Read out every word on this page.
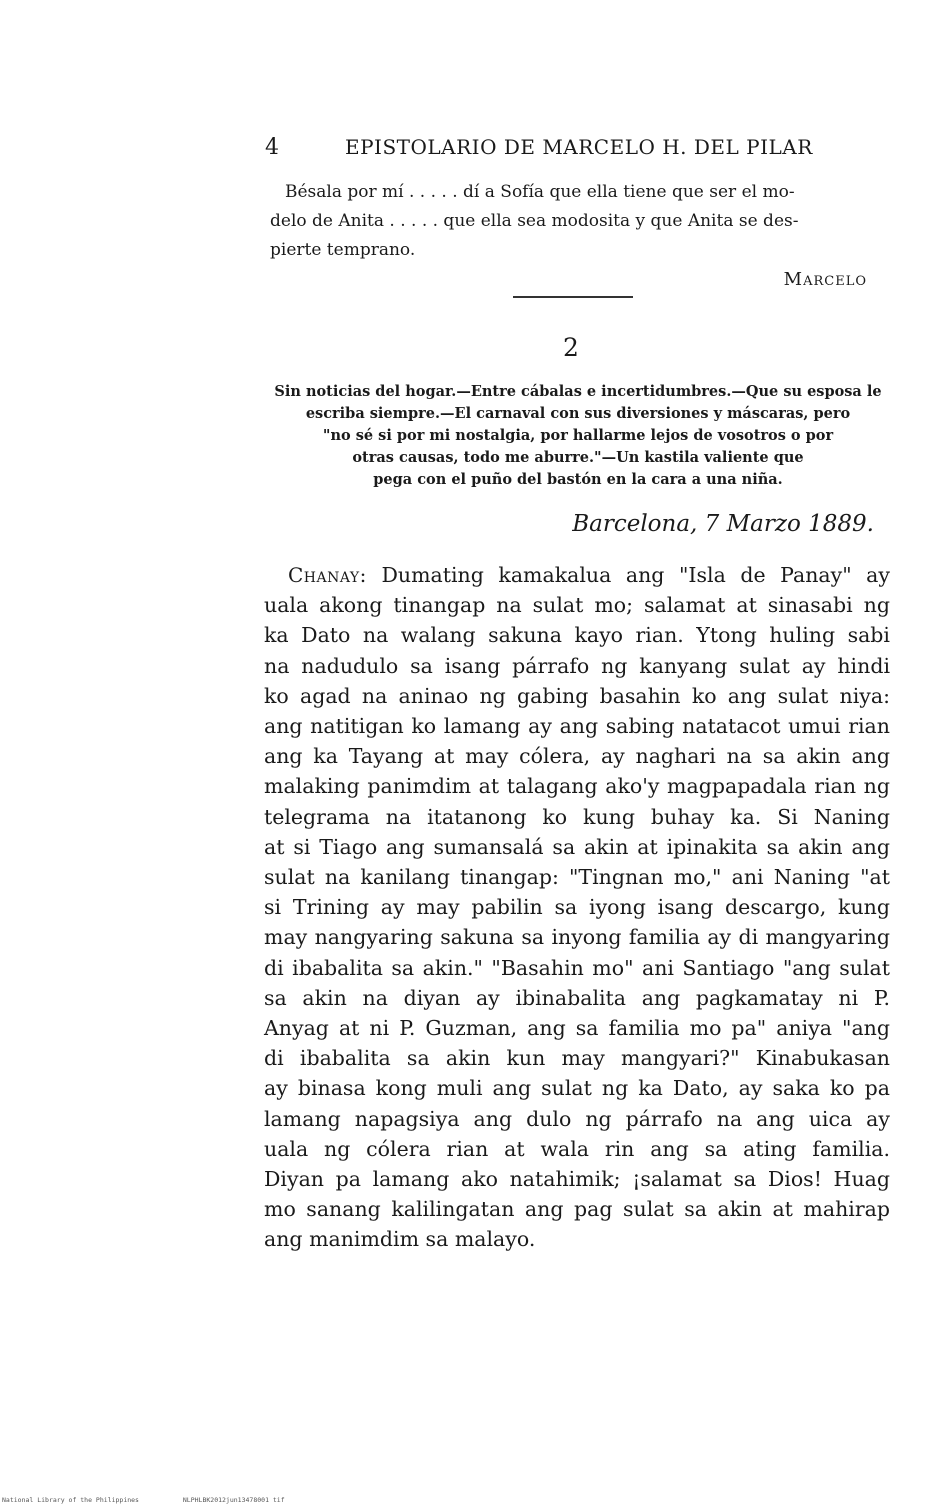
4	EPISTOLARIO DE MARCELO H. DEL PILAR
Bésala por mí . . . . . dí a Sofía que ella tiene que ser el mo-
delo de Anita . . . . . que ella sea modosita y que Anita se des-
pierte temprano.
Marcelo
2
Sin noticias del hogar.—Entre cábalas e incertidumbres.—Que su esposa le
escriba siempre.—El carnaval con sus diversiones y máscaras, pero
"no sé si por mi nostalgia, por hallarme lejos de vosotros o por
otras causas, todo me aburre."—Un kastila valiente que
pega con el puño del bastón en la cara a una niña.
Barcelona, 7 Marzo 1889.
Chanay: Dumating kamakalua ang "Isla de Panay" ay
uala akong tinangap na sulat mo; salamat at sinasabi ng
ka Dato na walang sakuna kayo rian. Ytong huling sabi
na nadudulo sa isang párrafo ng kanyang sulat ay hindi
ko agad na aninao ng gabing basahin ko ang sulat niya:
ang natitigan ko lamang ay ang sabing natatacot umui rian
ang ka Tayang at may cólera, ay naghari na sa akin ang
malaking panimdim at talagang ako'y magpapadala rian ng
telegrama na itatanong ko kung buhay ka. Si Naning
at si Tiago ang sumansalá sa akin at ipinakita sa akin ang
sulat na kanilang tinangap: "Tingnan mo," ani Naning "at
si Trining ay may pabilin sa iyong isang descargo, kung
may nangyaring sakuna sa inyong familia ay di mangyaring
di ibabalita sa akin." "Basahin mo" ani Santiago "ang sulat
sa akin na diyan ay ibinabalita ang pagkamatay ni P.
Anyag at ni P. Guzman, ang sa familia mo pa" aniya "ang
di ibabalita sa akin kun may mangyari?" Kinabukasan
ay binasa kong muli ang sulat ng ka Dato, ay saka ko pa
lamang napagsiya ang dulo ng párrafo na ang uica ay
uala ng cólera rian at wala rin ang sa ating familia.
Diyan pa lamang ako natahimik; ¡salamat sa Dios! Huag
mo sanang kalilingatan ang pag sulat sa akin at mahirap
ang manimdim sa malayo.
National Library of the Philippines	NLPHLBK2012jun13478001 tif
